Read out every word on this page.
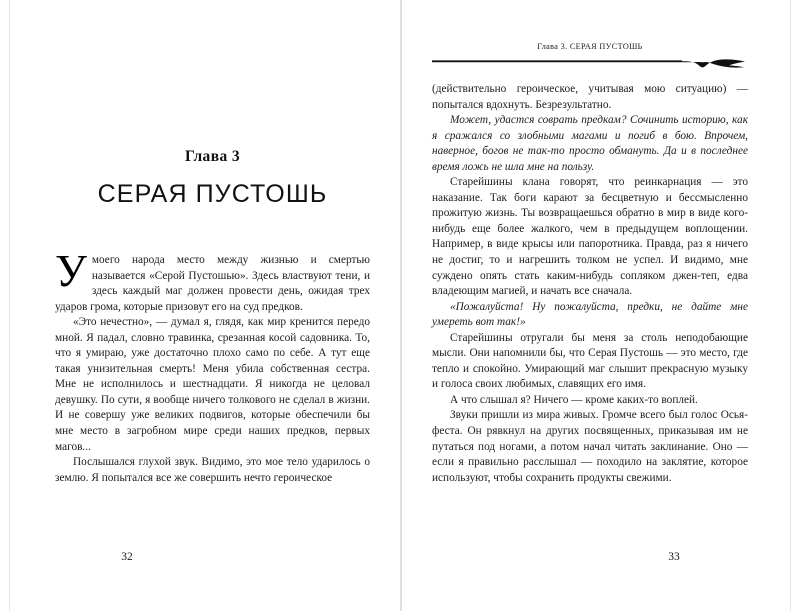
Глава 3
СЕРАЯ ПУСТОШЬ

Умоего народа место между жизнью и смертью называется «Серой Пустошью». Здесь властвуют тени, и здесь каждый маг должен провести день, ожидая трех ударов грома, которые призовут его на суд предков.

«Это нечестно», — думал я, глядя, как мир кренится передо мной. Я падал, словно травинка, срезанная косой садовника. То, что я умираю, уже достаточно плохо само по себе. А тут еще такая унизительная смерть! Меня убила собственная сестра. Мне не исполнилось и шестнадцати. Я никогда не целовал девушку. По сути, я вообще ничего толкового не сделал в жизни. И не совершу уже великих подвигов, которые обеспечили бы мне место в загробном мире среди наших предков, первых магов...

Послышался глухой звук. Видимо, это мое тело ударилось о землю. Я попытался все же совершить нечто героическое

32
Глава 3. СЕРАЯ ПУСТОШЬ

(действительно героическое, учитывая мою ситуацию) — попытался вдохнуть. Безрезультатно.

Может, удастся соврать предкам? Сочинить историю, как я сражался со злобными магами и погиб в бою. Впрочем, наверное, богов не так-то просто обмануть. Да и в последнее время ложь не шла мне на пользу.

Старейшины клана говорят, что реинкарнация — это наказание. Так боги карают за бесцветную и бессмысленно прожитую жизнь. Ты возвращаешься обратно в мир в виде кого-нибудь еще более жалкого, чем в предыдущем воплощении. Например, в виде крысы или папоротника. Правда, раз я ничего не достиг, то и нагрешить толком не успел. И видимо, мне суждено опять стать каким-нибудь сопляком джен-теп, едва владеющим магией, и начать все сначала.

«Пожалуйста! Ну пожалуйста, предки, не дайте мне умереть вот так!»

Старейшины отругали бы меня за столь неподобающие мысли. Они напомнили бы, что Серая Пустошь — это место, где тепло и спокойно. Умирающий маг слышит прекрасную музыку и голоса своих любимых, славящих его имя.

А что слышал я? Ничего — кроме каких-то воплей.

Звуки пришли из мира живых. Громче всего был голос Осья-феста. Он рявкнул на других посвященных, приказывая им не путаться под ногами, а потом начал читать заклинание. Оно — если я правильно расслышал — походило на заклятие, которое используют, чтобы сохранить продукты свежими.

33
